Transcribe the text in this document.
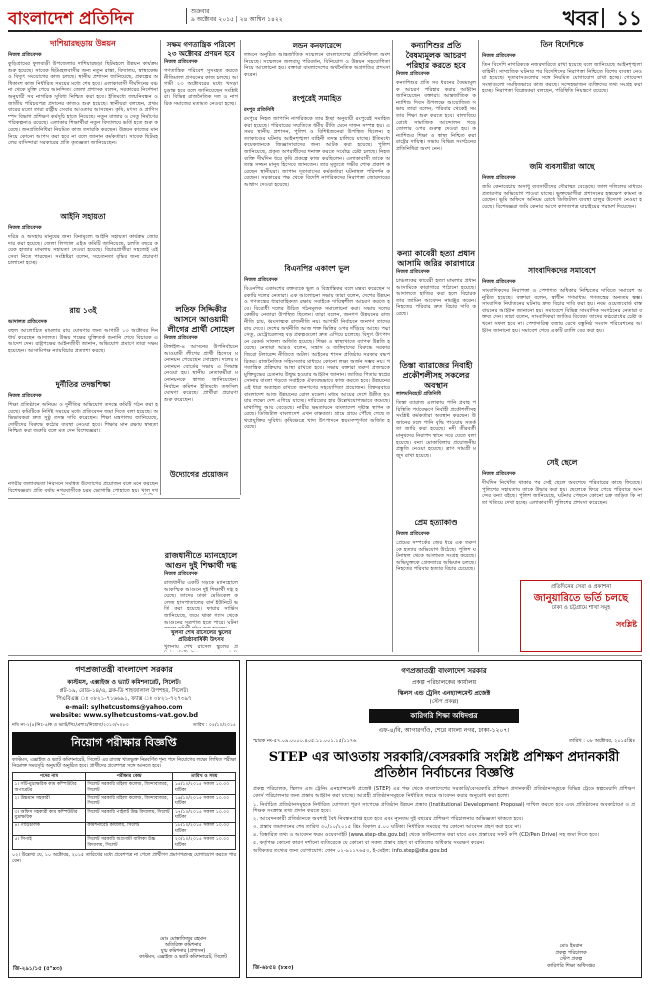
বাংলাদেশ প্রতিদিন	শুক্রবার
৯ অক্টোবর ২০১৫ | ২৪ আশ্বিন ১৪২২	খবর ১১
দাশিয়ারছড়ায় উন্নয়ন
নিজস্ব প্রতিবেদক
কুড়িগ্রামের ফুলবাড়ী উপজেলার দাশিয়ারছড়া ছিটমহলে উন্নয়ন কার্যক্রম শুরু হয়েছে। সাবেক ছিটমহলবাসীর জন্য নতুন রাস্তা, বিদ্যালয়, স্বাস্থ্যকেন্দ্র ও বিদ্যুৎ সংযোগের কাজ চলছে। স্থানীয় প্রশাসন জানিয়েছে, প্রকল্পের অধিকাংশ কাজ নির্ধারিত সময়ের মধ্যে শেষ হবে। এলাকাবাসী দীর্ঘদিনের বঞ্চনা থেকে মুক্তি পেয়ে আনন্দিত। জেলা প্রশাসক বলেন, সরকারের নির্দেশনা অনুযায়ী সব নাগরিক সুবিধা নিশ্চিত করা হবে। ইতিমধ্যে জন্মনিবন্ধন ও জাতীয় পরিচয়পত্র প্রদানের কাজও শুরু হয়েছে। স্থানীয়রা বলছেন, প্রথমবারের মতো তারা রাষ্ট্রীয় সেবার আওতায় আসছেন। কৃষি, মৎস্য ও প্রাণিসম্পদ বিভাগ প্রশিক্ষণ কর্মসূচি হাতে নিয়েছে। নতুন বাজার ও সেতু নির্মাণের পরিকল্পনাও রয়েছে। এলাকার শিক্ষার্থীরা নতুন বিদ্যালয়ে ভর্তি হতে শুরু করেছে। জনপ্রতিনিধিরা নিয়মিত কাজ তদারকি করছেন। উন্নয়ন কাজের মান নিয়ে কোনো আপস করা হবে না বলে জানান কর্মকর্তারা। সাবেক ছিটমহলের বাসিন্দারা সরকারের প্রতি কৃতজ্ঞতা জানিয়েছেন।
আইনি সহায়তা
নিজস্ব প্রতিবেদক
দরিদ্র ও অসহায় মানুষের জন্য বিনামূল্যে আইনি সহায়তা কার্যক্রম জোরদার করা হয়েছে। জেলা লিগ্যাল এইড কমিটি জানিয়েছে, চলতি বছরে কয়েক হাজার মামলায় সহায়তা দেওয়া হয়েছে। বিচারপ্রার্থীরা সহজেই এই সেবা নিতে পারছেন। সংশ্লিষ্টরা বলেন, সচেতনতা বৃদ্ধির জন্য প্রচারণা চালানো হচ্ছে।
রায় ১৩ই
আদালত প্রতিবেদক
বহুল আলোচিত মামলার রায় ঘোষণার জন্য আগামী ১৩ অক্টোবর দিন ধার্য করেছেন আদালত। উভয় পক্ষের যুক্তিতর্ক শুনানি শেষে বিচারক এ আদেশ দেন। রাষ্ট্রপক্ষের আইনজীবী জানান, অভিযোগ প্রমাণে তারা সক্ষম হয়েছেন। আসামিপক্ষ ন্যায়বিচার প্রত্যাশা করছে।
দুর্নীতির তদন্তশিক্ষা
নিজস্ব প্রতিবেদক
শিক্ষা প্রতিষ্ঠানে অনিয়ম ও দুর্নীতির অভিযোগ তদন্তে কমিটি গঠন করা হয়েছে। কমিটিকে নির্দিষ্ট সময়ের মধ্যে প্রতিবেদন জমা দিতে বলা হয়েছে। অভিভাবকরা দ্রুত সুষ্ঠু তদন্ত দাবি করেছেন। শিক্ষা মন্ত্রণালয় জানিয়েছে, দোষীদের বিরুদ্ধে কঠোর ব্যবস্থা নেওয়া হবে। শিক্ষার মান রক্ষায় স্বচ্ছতা নিশ্চিত করা জরুরি বলে মত দেন বিশেষজ্ঞরা।
উদ্যোগের প্রয়োজন
নগরীর জলাবদ্ধতা নিরসনে সমন্বিত উদ্যোগের প্রয়োজন বলে মনে করছেন বিশেষজ্ঞরা। প্রতি বর্ষায় নগরবাসীকে চরম ভোগান্তি পোহাতে হয়। খাল দখ
সক্ষম গণতান্ত্রিক পরিবেশ ২৩ অক্টোবর প্রণয়ন হবে
নিজস্ব প্রতিবেদক
গণতান্ত্রিক পরিবেশ সুসংহত করতে নীতিমালা প্রণয়নের কাজ চলছে। আগামী ২৩ অক্টোবরের মধ্যে খসড়া চূড়ান্ত হবে বলে জানিয়েছেন সংশ্লিষ্টরা। বিভিন্ন রাজনৈতিক দল ও নাগরিক সমাজের মতামত নেওয়া হচ্ছে।
লতিফ সিদ্দিকীর আসনে আওয়ামী লীগের প্রার্থী সোহেল
নিজস্ব প্রতিবেদক
টাঙ্গাইল-৪ আসনের উপনির্বাচনে আওয়ামী লীগের প্রার্থী হিসেবে মনোনয়ন পেয়েছেন সোহেল। দলের মনোনয়ন বোর্ডের সভায় এ সিদ্ধান্ত নেওয়া হয়। স্থানীয় নেতাকর্মীরা মনোনয়নকে স্বাগত জানিয়েছেন। নির্বাচন কমিশন ইতিমধ্যে তফসিল ঘোষণা করেছে। প্রার্থীরা প্রচারণা শুরু করেছেন।
রাজধানীতে ম্যানহোলে আগুন দুই শিক্ষার্থী দগ্ধ
নিজস্ব প্রতিবেদক
রাজধানীর একটি সড়কে ম্যানহোলে আকস্মিক আগুনে দুই শিক্ষার্থী দগ্ধ হয়েছে। তাদের ঢাকা মেডিকেল কলেজ হাসপাতালের বার্ন ইউনিটে ভর্তি করা হয়েছে। ফায়ার সার্ভিস জানিয়েছে, জমে থাকা গ্যাস থেকে আগুনের সূত্রপাত হতে পারে। ঘটনা
খুলনা শেখ রাসেলের স্কুলের প্রতিষ্ঠাবার্ষিকী উৎসব
খুলনায় শেখ রাসেল স্কুলের প্র
লন্ডন কনফারেন্সে
লন্ডনে অনুষ্ঠিত আন্তর্জাতিক সম্মেলনে বাংলাদেশের প্রতিনিধিদল অংশ নিয়েছে। সম্মেলনে জলবায়ু পরিবর্তন, বিনিয়োগ ও উন্নয়ন সহযোগিতা নিয়ে আলোচনা হয়। বক্তারা বাংলাদেশের অর্থনৈতিক অগ্রগতির প্রশংসা করেন।
রংপুরেই সমাহিত
রংপুর প্রতিনিধি
রংপুরে নিহত জাপানি নাগরিককে তার ইচ্ছা অনুযায়ী রংপুরেই সমাহিত করা হয়েছে। পরিবারের সম্মতিতে ধর্মীয় রীতি মেনে দাফন সম্পন্ন হয়। এ সময় স্থানীয় প্রশাসন, পুলিশ ও বিশিষ্টজনেরা উপস্থিত ছিলেন। হত্যাকাণ্ডের ঘটনায় আইনশৃঙ্খলা বাহিনী তদন্ত চালিয়ে যাচ্ছে। ইতিমধ্যে কয়েকজনকে জিজ্ঞাসাবাদের জন্য আটক করা হয়েছে। পুলিশ জানিয়েছে, প্রকৃত অপরাধীদের শনাক্ত করতে সর্বোচ্চ চেষ্টা চলছে। নিহত ব্যক্তি দীর্ঘদিন ধরে কৃষি প্রকল্পে কাজ করছিলেন। এলাকাবাসী তাকে অত্যন্ত সজ্জন মানুষ হিসেবে জানতেন। তার মৃত্যুতে গভীর শোক প্রকাশ করেছেন স্থানীয়রা। জাপান দূতাবাসের কর্মকর্তারা ঘটনাস্থল পরিদর্শন করেছেন। সরকারের পক্ষ থেকে বিদেশি নাগরিকদের নিরাপত্তা জোরদারের আশ্বাস দেওয়া হয়েছে।
বিএনপির একাংশ ভুল
নিজস্ব প্রতিবেদক
বিএনপির একাংশের বক্তব্যকে ভুল ও বিভ্রান্তিকর বলে মন্তব্য করেছেন সরকারি দলের নেতারা। এক আলোচনা সভায় তারা বলেন, দেশের উন্নয়ন ও গণতন্ত্রের ধারাবাহিকতা রক্ষায় সবাইকে দায়িত্বশীল আচরণ করতে হবে। বিরোধী দলের উচিত গঠনমূলক সমালোচনা করা। সভায় দলের কেন্দ্রীয় নেতারা উপস্থিত ছিলেন। তারা বলেন, জনগণ উন্নয়নের রাজনীতি চায়, ধ্বংসাত্মক রাজনীতি নয়। আগামী নির্বাচনে জনগণ তাদের রায় দেবে। দেশের অর্থনীতি আজ শক্ত ভিত্তির ওপর দাঁড়িয়ে আছে। পদ্মা সেতু, মেট্রোরেলসহ বড় প্রকল্পগুলো দ্রুত এগিয়ে চলেছে। বিদ্যুৎ উৎপাদনে রেকর্ড সাফল্য অর্জিত হয়েছে। শিক্ষা ও স্বাস্থ্যখাতে ব্যাপক উন্নতি হয়েছে। নেতারা আরও বলেন, সন্ত্রাস ও জঙ্গিবাদের বিরুদ্ধে সরকার জিরো টলারেন্স নীতিতে অটল। আইনের শাসন প্রতিষ্ঠায় সরকার বদ্ধপরিকর। রাজনৈতিক সহিংসতার মাধ্যমে কোনো লক্ষ্য অর্জন সম্ভব নয়। গণতান্ত্রিক প্রক্রিয়ায় আস্থা রাখতে হবে। সভায় বক্তারা তরুণ প্রজন্মকে মুক্তিযুদ্ধের চেতনায় উদ্বুদ্ধ হওয়ার আহ্বান জানান। জাতির পিতার স্বপ্নের সোনার বাংলা গড়তে সবাইকে ঐক্যবদ্ধভাবে কাজ করতে হবে। উন্নয়নের এই ধারা অব্যাহত রাখতে জনগণের সহযোগিতা প্রয়োজন। বিশ্বদরবারে বাংলাদেশ আজ উন্নয়নের রোল মডেল। মধ্যম আয়ের দেশে উন্নীত হওয়ার লক্ষ্যে দেশ এগিয়ে যাচ্ছে। দারিদ্র্যের হার উল্লেখযোগ্যভাবে কমেছে। মাথাপিছু আয় বেড়েছে। নারীর ক্ষমতায়নে বাংলাদেশ দৃষ্টান্ত স্থাপন করেছে। ডিজিটাল বাংলাদেশ এখন বাস্তবতা। গ্রামে গ্রামে পৌঁছে গেছে তথ্যপ্রযুক্তির সুবিধা। কৃষিক্ষেত্রে খাদ্য উৎপাদনে স্বয়ংসম্পূর্ণতা অর্জিত হয়েছে।
কন্যাশিশুর প্রতি বৈষম্যমূলক আচরণ পরিহার করতে হবে
নিজস্ব প্রতিবেদক
কন্যাশিশুর প্রতি সব ধরনের বৈষম্যমূলক আচরণ পরিহার করার আহ্বান জানিয়েছেন বক্তারা। আন্তর্জাতিক কন্যাশিশু দিবস উপলক্ষে আয়োজিত সভায় তারা বলেন, পরিবার থেকেই সমতার শিক্ষা শুরু করতে হবে। বাল্যবিয়ে রোধে সামাজিক আন্দোলন গড়ে তোলার ওপর গুরুত্ব দেওয়া হয়। কন্যাশিশুর শিক্ষা ও স্বাস্থ্য নিশ্চিত করা রাষ্ট্রের দায়িত্ব। সভায় বিভিন্ন সংগঠনের প্রতিনিধিরা অংশ নেন।
কন্যা কাবেরী হত্যা প্রধান আসামি জরির কারাগারে
নিজস্ব প্রতিবেদক
চাঞ্চল্যকর কাবেরী হত্যা মামলার প্রধান আসামিকে কারাগারে পাঠানো হয়েছে। আদালতে হাজির করা হলে বিচারক তার জামিন আবেদন নামঞ্জুর করেন। নিহতের পরিবার দ্রুত বিচার দাবি করেছে।
তিস্তা ব্যারাজের নিবাহী প্রকৌশলীসহ সকলের অবস্থান
লালমনিরহাট প্রতিনিধি
তিস্তা ব্যারাজ এলাকায় পানি প্রবাহ পরিস্থিতি পর্যবেক্ষণে নির্বাহী প্রকৌশলীসহ সংশ্লিষ্ট কর্মকর্তারা অবস্থান করছেন। উজানের ঢলে পানি বৃদ্ধি পাওয়ায় সতর্কতা জারি করা হয়েছে। নদী তীরবর্তী মানুষদের নিরাপদ স্থানে সরে যেতে বলা হয়েছে। বন্যা মোকাবিলায় প্রয়োজনীয় প্রস্তুতি নেওয়া হয়েছে। ত্রাণ সামগ্রী মজুদ রাখা হয়েছে।
প্রেম হত্যাকাণ্ড
নিজস্ব প্রতিবেদক
প্রেমের সম্পর্কের জের ধরে এক তরুণকে হত্যার অভিযোগ উঠেছে। পুলিশ ঘটনাস্থল থেকে আলামত সংগ্রহ করেছে। অভিযুক্তকে গ্রেফতারে অভিযান চলছে। নিহতের পরিবার হত্যার বিচার চেয়েছে।
তিন বিদেশিকে
নিজস্ব প্রতিবেদক
তিন বিদেশি নাগরিককে নজরদারিতে রাখা হয়েছে বলে জানিয়েছে আইনশৃঙ্খলা বাহিনী। সাম্প্রতিক ঘটনার পর বিদেশিদের নিরাপত্তা নিশ্চিতে বিশেষ ব্যবস্থা নেওয়া হয়েছে। দূতাবাসগুলোর সঙ্গে নিয়মিত যোগাযোগ রাখা হচ্ছে। গোয়েন্দা সংস্থাগুলো সমন্বিতভাবে কাজ করছে। সন্দেহভাজন ব্যক্তিদের তথ্য সংগ্রহ করা হচ্ছে। নিরাপত্তা বিশ্লেষকরা বলছেন, পরিস্থিতি নিয়ন্ত্রণে রয়েছে।
জমি ব্যবসায়ীরা আছে
নিজস্ব প্রতিবেদক
জমি কেনাবেচায় অসাধু ব্যবসায়ীদের দৌরাত্ম্য বেড়েছে। জাল দলিলের মাধ্যমে প্রতারণার অভিযোগ পাওয়া যাচ্ছে। ভুক্তভোগীরা প্রশাসনের হস্তক্ষেপ কামনা করেছেন। ভূমি অফিসে অনিয়ম রোধে ডিজিটাল ব্যবস্থা চালুর উদ্যোগ নেওয়া হয়েছে। বিশেষজ্ঞরা জমি কেনার আগে কাগজপত্র যাচাইয়ের পরামর্শ দিয়েছেন।
সাংবাদিকদের সমাবেশে
নিজস্ব প্রতিবেদক
সাংবাদিকদের নিরাপত্তা ও পেশাগত অধিকার নিশ্চিতের দাবিতে সমাবেশ অনুষ্ঠিত হয়েছে। বক্তারা বলেন, স্বাধীন গণমাধ্যম গণতন্ত্রের অন্যতম স্তম্ভ। সাংবাদিক নির্যাতনের ঘটনায় দ্রুত বিচার দাবি করা হয়। নবম ওয়েজবোর্ড বাস্তবায়নের আহ্বান জানানো হয়। সমাবেশে বিভিন্ন সাংবাদিক সংগঠনের নেতারা বক্তব্য দেন। তারা বলেন, সাংবাদিকরা জাতির বিবেক। তাদের কণ্ঠরোধের চেষ্টা কখনো সফল হবে না। পেশাদারিত্ব বজায় রেখে বস্তুনিষ্ঠ সংবাদ পরিবেশনের আহ্বান জানানো হয়। সমাবেশ শেষে একটি র‌্যালি বের করা হয়।
সেই ছেলে
নিজস্ব প্রতিবেদক
দীর্ঘদিন নিখোঁজ থাকার পর সেই ছেলে অবশেষে পরিবারের কাছে ফিরেছে। পুলিশের সহায়তায় তাকে উদ্ধার করা হয়। ছেলেকে ফিরে পেয়ে পরিবারে আনন্দের বন্যা বইছে। পুলিশ জানিয়েছে, ঘটনার পেছনে কোনো চক্র জড়িত কি না তা খতিয়ে দেখা হচ্ছে। এলাকাবাসী পুলিশের প্রশংসা করেছেন।
প্রতিদিনের সেরা ও প্রকাশনা
জানুয়ারিতে ভর্তি চলছে
ঢাকা ও চট্টগ্রামে শাখা সমূহ
সংশ্লিষ্ট
গণপ্রজাতন্ত্রী বাংলাদেশ সরকার
কাস্টমস, এক্সাইজ ও ভ্যাট কমিশনারেট, সিলেট।
প্লট-১৯, রোড-১৪/এ, ব্লক-ডি শাহজালাল উপশহর, সিলেট।
পিএবিএক্স ঃ ০৮২১-৭১৬৬৯১, ফ্যাক্স ঃ ০৮২১-৭২৭৩৯৭
e-mail: sylhetcustoms@yahoo.com
website: www.sylhetcustoms-vat.gov.bd
নথি নং-২(৪)নিঃ-৫/ক ও ভ্যাট/সিঃ/প্রশাঃ/নিয়োগ/২০১৩/৭০৮৩	তারিখ : ০৫/১০/২০১৫
নিয়োগ পরীক্ষার বিজ্ঞপ্তি
কাস্টমস, এক্সাইজ ও ভ্যাট কমিশনারেট, সিলেট এর রাজস্ব খাতভুক্ত নিম্নবর্ণিত শূন্য পদে নিয়োগের লক্ষ্যে লিখিত পরীক্ষা নিম্নোক্ত সময়সূচি অনুযায়ী অনুষ্ঠিত হবে। প্রার্থীদের প্রবেশপত্র সঙ্গে আনতে হবে।
পদের নাম	পরীক্ষার কেন্দ্র	তারিখ ও সময়
১। সাঁট-মুদ্রাক্ষরিক কাম কম্পিউটার অপারেটর	সিলেট সরকারি মহিলা কলেজ, জিন্দাবাজার, সিলেট	১৫/১০/২০১৫ সকাল ১০.০০ ঘটিকা
২। উচ্চমান সহকারী	সিলেট সরকারি মহিলা কলেজ, জিন্দাবাজার, সিলেট	১৬/১০/২০১৫ সকাল ১০.০০ ঘটিকা
৩। অফিস সহকারী কাম কম্পিউটার মুদ্রাক্ষরিক	সিলেট সরকারি পাইলট উচ্চ বিদ্যালয়, সিলেট	১৭/১০/২০১৫ সকাল ১০.০০ ঘটিকা
৪। গাড়িচালক	কমিশনারেট কার্যালয়, সিলেট	১৮/১০/২০১৫ সকাল ১০.০০ ঘটিকা
৫। সিপাই	সিলেট সরকারি অগ্রগামী বালিকা উচ্চ বিদ্যালয়, সিলেট	২০/১০/২০১৫ সকাল ১০.০০ ঘটিকা
০২। উল্লেখ্য যে, ১০ অক্টোবর, ২০১৫ তারিখের মধ্যে প্রবেশপত্র না পেলে প্রার্থীগণ প্রমাণপত্রসহ যোগাযোগ করতে পারবেন।
মোঃ মোস্তাফিজুর রহমান
অতিরিক্ত কমিশনার
যুগ্ম কমিশনার (প্রশাসন)
কাস্টমস, এক্সাইজ ও ভ্যাট কমিশনারেট, সিলেট
জি-২৯১/১৫ (৫"x৩)
গণপ্রজাতন্ত্রী বাংলাদেশ সরকার
প্রকল্প পরিচালকের কার্যালয়
স্কিলস এন্ড ট্রেনিং এনহ্যান্সমেন্ট প্রজেক্ট
(স্টেপ প্রকল্প)
কারিগরি শিক্ষা অধিদপ্তর
এফ-৪/বি, আগারগাঁও, শেরে বাংলা নগর, ঢাকা-১২০৭।
স্মারক নং-৫৭.০৯.০০০০.৪০৫.১১.০০১.১৫/১১৭৬	তারিখ : ০৮ অক্টোবর, ২০১৫খ্রিঃ
STEP এর আওতায় সরকারি/বেসরকারি সংশ্লিষ্ট প্রশিক্ষণ প্রদানকারী প্রতিষ্ঠান নির্বাচনের বিজ্ঞপ্তি
প্রকল্প পরিচালক, স্কিলস এন্ড ট্রেনিং এনহ্যান্সমেন্ট প্রজেক্ট (STEP) এর পক্ষ থেকে বাংলাদেশের সরকারি/বেসরকারি প্রশিক্ষণ প্রদানকারী প্রতিষ্ঠানসমূহকে বিভিন্ন ট্রেডে স্বল্পমেয়াদি প্রশিক্ষণ কোর্স পরিচালনার জন্য প্রস্তাব আহ্বান করা যাচ্ছে। আগ্রহী প্রতিষ্ঠানসমূহকে নির্ধারিত ফরমে আবেদন করার অনুরোধ করা হলো।
১. নির্বাচিত প্রতিষ্ঠানসমূহকে নির্ধারিত যোগ্যতা পূরণ সাপেক্ষে প্রতিষ্ঠান উন্নয়ন প্রস্তাব (Institutional Development Proposal) দাখিল করতে হবে এবং প্রতিষ্ঠানের অবকাঠামো ও প্রশিক্ষক সংক্রান্ত তথ্য প্রদান করতে হবে।
২. আবেদনকারী প্রতিষ্ঠানকে অবশ্যই বৈধ নিবন্ধনপ্রাপ্ত হতে হবে এবং ন্যূনতম দুই বছরের প্রশিক্ষণ পরিচালনার অভিজ্ঞতা থাকতে হবে।
৩. প্রস্তাব জমাদানের শেষ তারিখ ৩০/১০/২০১৫ খ্রিঃ বিকাল ৫.০০ ঘটিকা। নির্ধারিত সময়ের পর কোনো আবেদন গ্রহণ করা হবে না।
৪. বিস্তারিত তথ্য ও আবেদন ফরম ওয়েবসাইট (www.step-dte.gov.bd) থেকে ডাউনলোড করা যাবে এবং প্রস্তাবের সফট কপি (CD/Pen Drive) সহ জমা দিতে হবে।
৫. কর্তৃপক্ষ কোনো কারণ দর্শানো ব্যতিরেকে যে কোনো বা সকল প্রস্তাব গ্রহণ বা বাতিলের অধিকার সংরক্ষণ করেন।
অধিকতর তথ্যের জন্য যোগাযোগ: ফোন ০২-৯১১৭৬৫৩, ই-মেইল: info.step@dte.gov.bd
মোঃ ইমরান
প্রকল্প পরিচালক
স্টেপ প্রকল্প
কারিগরি শিক্ষা অধিদপ্তর
জি-৬৮৫৪ (৮x৩)
